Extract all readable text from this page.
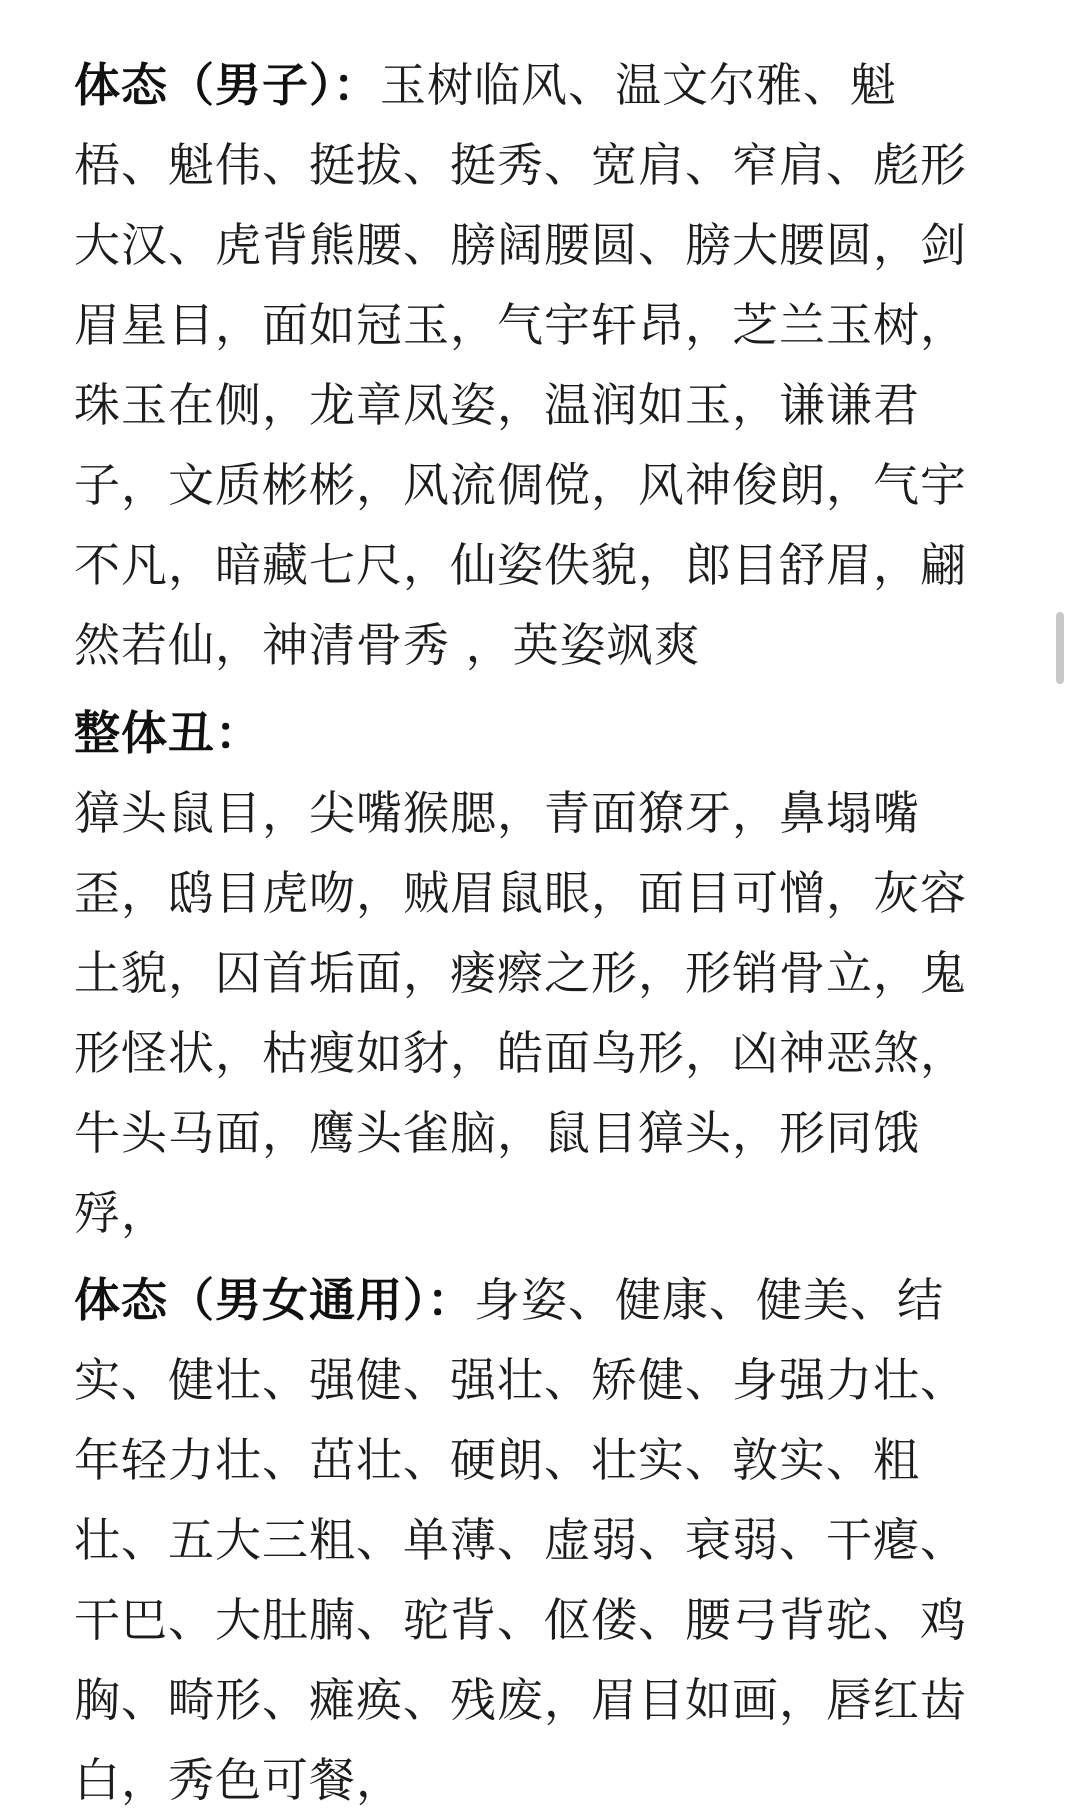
体态（男子）：玉树临风、温文尔雅、魁
梧、魁伟、挺拔、挺秀、宽肩、窄肩、彪形
大汉、虎背熊腰、膀阔腰圆、膀大腰圆，剑
眉星目，面如冠玉，气宇轩昂，芝兰玉树，
珠玉在侧，龙章凤姿，温润如玉，谦谦君
子，文质彬彬，风流倜傥，风神俊朗，气宇
不凡，暗藏七尺，仙姿佚貌，郎目舒眉，翩
然若仙，神清骨秀 ，英姿飒爽
整体丑：
獐头鼠目，尖嘴猴腮，青面獠牙，鼻塌嘴
歪，鸱目虎吻，贼眉鼠眼，面目可憎，灰容
土貌，囚首垢面，瘘瘵之形，形销骨立，鬼
形怪状，枯瘦如豺，皓面鸟形，凶神恶煞，
牛头马面，鹰头雀脑，鼠目獐头，形同饿
殍，
体态（男女通用）：身姿、健康、健美、结
实、健壮、强健、强壮、矫健、身强力壮、
年轻力壮、茁壮、硬朗、壮实、敦实、粗
壮、五大三粗、单薄、虚弱、衰弱、干瘪、
干巴、大肚腩、驼背、伛偻、腰弓背驼、鸡
胸、畸形、瘫痪、残废，眉目如画，唇红齿
白，秀色可餐，
